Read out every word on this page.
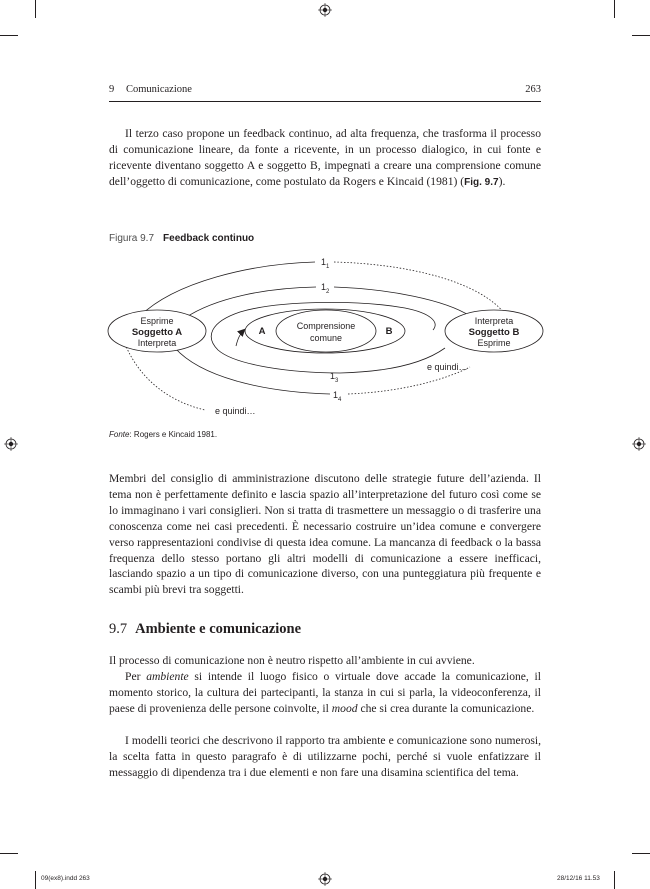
9 Comunicazione	263

Il terzo caso propone un feedback continuo, ad alta frequenza, che trasforma il processo di comunicazione lineare, da fonte a ricevente, in un processo dialogico, in cui fonte e ricevente diventano soggetto A e soggetto B, impegnati a creare una comprensione comune dell’oggetto di comunicazione, come postulato da Rogers e Kincaid (1981) (Fig. 9.7).

Figura 9.7 Feedback continuo
Esprime
Soggetto A
Interpreta
Interpreta
Soggetto B
Esprime
Comprensione
comune
A	B
$1_1$
$1_2$
$1_3$
$1_4$
e quindi…
e quindi…
Fonte: Rogers e Kincaid 1981.

Membri del consiglio di amministrazione discutono delle strategie future dell’azienda. Il tema non è perfettamente definito e lascia spazio all’interpretazione del futuro così come se lo immaginano i vari consiglieri. Non si tratta di trasmettere un messaggio o di trasferire una conoscenza come nei casi precedenti. È necessario costruire un’idea comune e convergere verso rappresentazioni condivise di questa idea comune. La mancanza di feedback o la bassa frequenza dello stesso portano gli altri modelli di comunicazione a essere inefficaci, lasciando spazio a un tipo di comunicazione diverso, con una punteggiatura più frequente e scambi più brevi tra soggetti.

9.7 Ambiente e comunicazione

Il processo di comunicazione non è neutro rispetto all’ambiente in cui avviene.

Per ambiente si intende il luogo fisico o virtuale dove accade la comunicazione, il momento storico, la cultura dei partecipanti, la stanza in cui si parla, la videoconferenza, il paese di provenienza delle persone coinvolte, il mood che si crea durante la comunicazione.

I modelli teorici che descrivono il rapporto tra ambiente e comunicazione sono numerosi, la scelta fatta in questo paragrafo è di utilizzarne pochi, perché si vuole enfatizzare il messaggio di dipendenza tra i due elementi e non fare una disamina scientifica del tema.

09(ex8).indd 263	28/12/16 11.53
